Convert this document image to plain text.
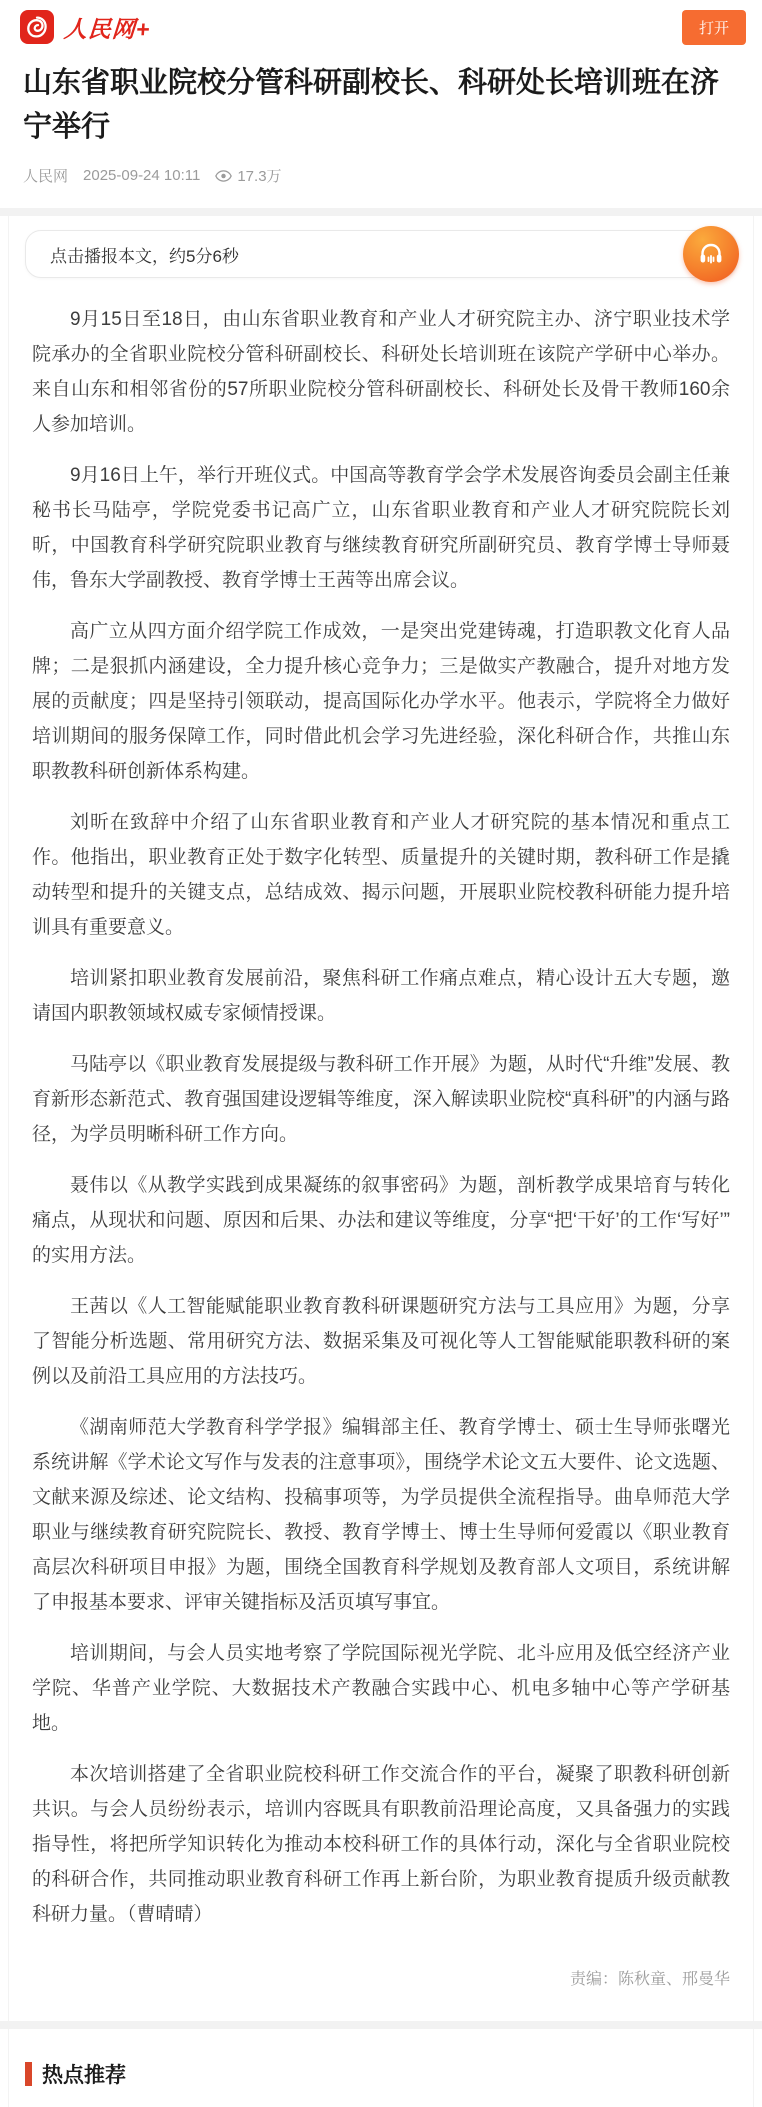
人民网+	打开
山东省职业院校分管科研副校长、科研处长培训班在济宁举行
人民网 2025-09-24 10:11 17.3万
点击播报本文，约5分6秒

9月15日至18日，由山东省职业教育和产业人才研究院主办、济宁职业技术学院承办的全省职业院校分管科研副校长、科研处长培训班在该院产学研中心举办。来自山东和相邻省份的57所职业院校分管科研副校长、科研处长及骨干教师160余人参加培训。

9月16日上午，举行开班仪式。中国高等教育学会学术发展咨询委员会副主任兼秘书长马陆亭，学院党委书记高广立，山东省职业教育和产业人才研究院院长刘昕，中国教育科学研究院职业教育与继续教育研究所副研究员、教育学博士导师聂伟，鲁东大学副教授、教育学博士王茜等出席会议。

高广立从四方面介绍学院工作成效，一是突出党建铸魂，打造职教文化育人品牌；二是狠抓内涵建设，全力提升核心竞争力；三是做实产教融合，提升对地方发展的贡献度；四是坚持引领联动，提高国际化办学水平。他表示，学院将全力做好培训期间的服务保障工作，同时借此机会学习先进经验，深化科研合作，共推山东职教教科研创新体系构建。

刘昕在致辞中介绍了山东省职业教育和产业人才研究院的基本情况和重点工作。他指出，职业教育正处于数字化转型、质量提升的关键时期，教科研工作是撬动转型和提升的关键支点，总结成效、揭示问题，开展职业院校教科研能力提升培训具有重要意义。

培训紧扣职业教育发展前沿，聚焦科研工作痛点难点，精心设计五大专题，邀请国内职教领域权威专家倾情授课。

马陆亭以《职业教育发展提级与教科研工作开展》为题，从时代“升维”发展、教育新形态新范式、教育强国建设逻辑等维度，深入解读职业院校“真科研”的内涵与路径，为学员明晰科研工作方向。

聂伟以《从教学实践到成果凝练的叙事密码》为题，剖析教学成果培育与转化痛点，从现状和问题、原因和后果、办法和建议等维度，分享“把‘干好’的工作‘写好’”的实用方法。

王茜以《人工智能赋能职业教育教科研课题研究方法与工具应用》为题，分享了智能分析选题、常用研究方法、数据采集及可视化等人工智能赋能职教科研的案例以及前沿工具应用的方法技巧。

《湖南师范大学教育科学学报》编辑部主任、教育学博士、硕士生导师张曙光系统讲解《学术论文写作与发表的注意事项》，围绕学术论文五大要件、论文选题、文献来源及综述、论文结构、投稿事项等，为学员提供全流程指导。曲阜师范大学职业与继续教育研究院院长、教授、教育学博士、博士生导师何爱霞以《职业教育高层次科研项目申报》为题，围绕全国教育科学规划及教育部人文项目，系统讲解了申报基本要求、评审关键指标及活页填写事宜。

培训期间，与会人员实地考察了学院国际视光学院、北斗应用及低空经济产业学院、华普产业学院、大数据技术产教融合实践中心、机电多轴中心等产学研基地。

本次培训搭建了全省职业院校科研工作交流合作的平台，凝聚了职教科研创新共识。与会人员纷纷表示，培训内容既具有职教前沿理论高度，又具备强力的实践指导性，将把所学知识转化为推动本校科研工作的具体行动，深化与全省职业院校的科研合作，共同推动职业教育科研工作再上新台阶，为职业教育提质升级贡献教科研力量。（曹晴晴）

责编：陈秋童、邢曼华
热点推荐
